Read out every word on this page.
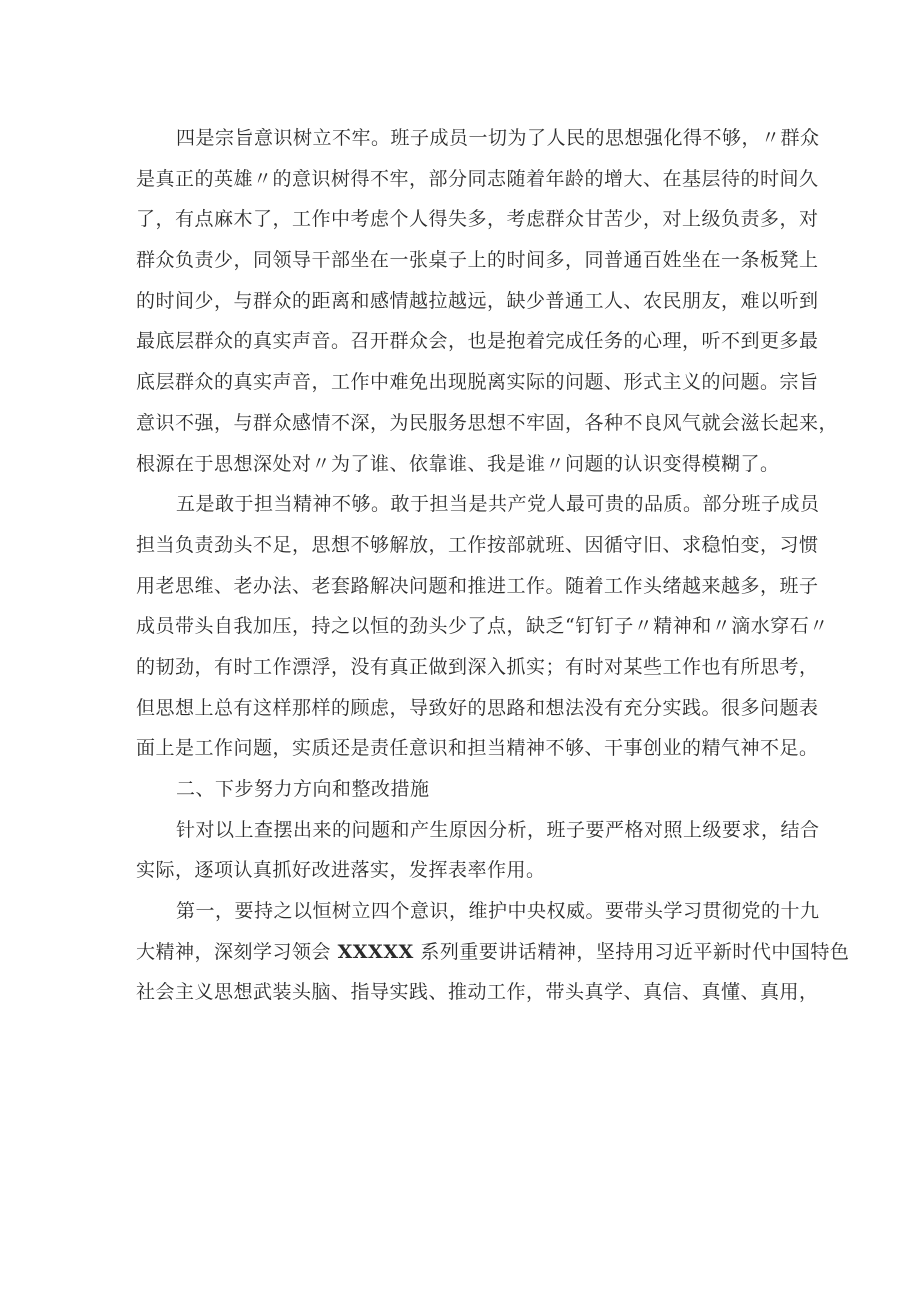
四是宗旨意识树立不牢。班子成员一切为了人民的思想强化得不够，〃群众
是真正的英雄〃的意识树得不牢，部分同志随着年龄的增大、在基层待的时间久
了，有点麻木了，工作中考虑个人得失多，考虑群众甘苦少，对上级负责多，对
群众负责少，同领导干部坐在一张桌子上的时间多，同普通百姓坐在一条板凳上
的时间少，与群众的距离和感情越拉越远，缺少普通工人、农民朋友，难以听到
最底层群众的真实声音。召开群众会，也是抱着完成任务的心理，听不到更多最
底层群众的真实声音，工作中难免出现脱离实际的问题、形式主义的问题。宗旨
意识不强，与群众感情不深，为民服务思想不牢固，各种不良风气就会滋长起来，
根源在于思想深处对〃为了谁、依靠谁、我是谁〃问题的认识变得模糊了。
五是敢于担当精神不够。敢于担当是共产党人最可贵的品质。部分班子成员
担当负责劲头不足，思想不够解放，工作按部就班、因循守旧、求稳怕变，习惯
用老思维、老办法、老套路解决问题和推进工作。随着工作头绪越来越多，班子
成员带头自我加压，持之以恒的劲头少了点，缺乏“钉钉子〃精神和〃滴水穿石〃
的韧劲，有时工作漂浮，没有真正做到深入抓实；有时对某些工作也有所思考，
但思想上总有这样那样的顾虑，导致好的思路和想法没有充分实践。很多问题表
面上是工作问题，实质还是责任意识和担当精神不够、干事创业的精气神不足。
二、下步努力方向和整改措施
针对以上查摆出来的问题和产生原因分析，班子要严格对照上级要求，结合
实际，逐项认真抓好改进落实，发挥表率作用。
第一，要持之以恒树立四个意识，维护中央权威。要带头学习贯彻党的十九
大精神，深刻学习领会 XXXXX 系列重要讲话精神，坚持用习近平新时代中国特色
社会主义思想武装头脑、指导实践、推动工作，带头真学、真信、真懂、真用，
